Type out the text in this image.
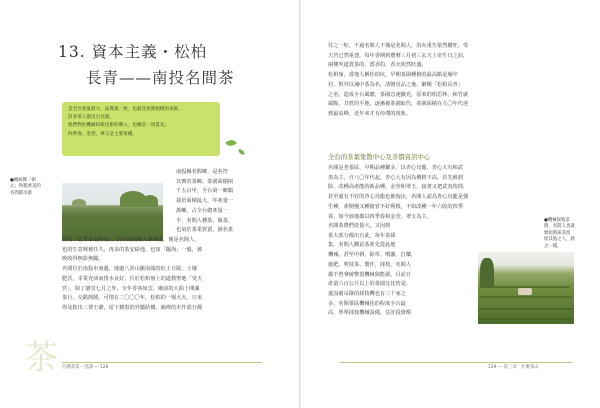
13. 資本主義・松柏
長青——南投名間茶
是全台產量最大、品質最一致，也最具經濟規模的茶區，
許多茶人都出自名間，
他們對於機械和新技術的導入，也總是一馬當先。
四季春、金萱、翠玉是主要茶種。
●總統牌「朝
元」和稻香美的
名間都市最
南投縣名間鄉，是名符
其實的茶鄉。茶園面積兩
千五百甲，全台第一鄉鎮
栽培面積最大，年產量一
萬噸，占全台總產量一
半，名間人種茶、做茶，
也氣於茶業貿賣，園名茶
界的「北華泰南神南」，其中的南鄉大庫神南，便是名間人，
也的生意興被任久，再多的茶安給他，也如「擺海」一般，被
吸收得無影無蹤。
名間位於南投市南邊，地處八卦山脈南端的紅土丘陵，土壤
肥沃，本業充沛而排水良好，位於松柏嶺上的道教聖地「受天
宮」，除了膳堂七月之外，全年香客如雲，廟前的大曲上開滿
茶行，交錯熱鬧。可惜在二〇〇〇年，松柏的一場大火，只來
得及救出三尊王爺，留下燒黑的外牆結構，廟裡的木作部分都
茶 台灣茶第一堂課 — 128
付之一炬，不過名間人不愧是名間人，浴火重生依然鍵旺，受
天宮已然重建，每年香期到農曆三月初三玄天上帝生日之前，
兩側夾道賣茶的、賣香的，香火依然旺盛。
松柏嶺，當地人稱松柏坑，早期茶園種植的最高點是埔中
村。對外以埔中茶為名，清朝貢品之後，御賜「松柏長青」
之名，造成全台風靡，茶園急速擴充，原來的相思林、和竹就
風點，甘蔗的平地，逐漸被茶園取代，茶園面積在九〇年代達
到最高峰，近年來才有停滯的現象。
全台的茶葉集散中心及茶價資訊中心
名間是老茶區，早期品種繁多，以青心烏龍、青心大有和武
夷為主，自八〇年代起，青心大有因為價格不高，首先被剷
除，改種高產能的新品種，金萱和翠玉，接著又把武夷按掉，
甚至還有不好的青心烏龍也被淘汰，名間人認為青心烏龍是強
生種，產期慢又種搶省不好利根，不如改種一年六收的四季
春，如今該地都以四季春和金萱、翠玉為主。
名間茶農們產量大，又因熱
茶大部分都出自此，每年茶採
集，名間人購買茶產先從此地
機械。甚至中耕、除草、噴灑、打藥，
施肥、剪枝茶、製作，揉枝，名間人
都不曾拿破幣置機械與能源。目前日
產量六百公斤以上的茶園比比皆是，
還設備吊掛的揉枝機也有三十家之
多，名間茶區機械化的程度全台最
高，單單揉枝機械設備，估計投資額
●機械採收茶
園，名間人也就
無煩將採茶留
給其他之人，熱
之一樣。
129 — 第三章　什麼茶山
